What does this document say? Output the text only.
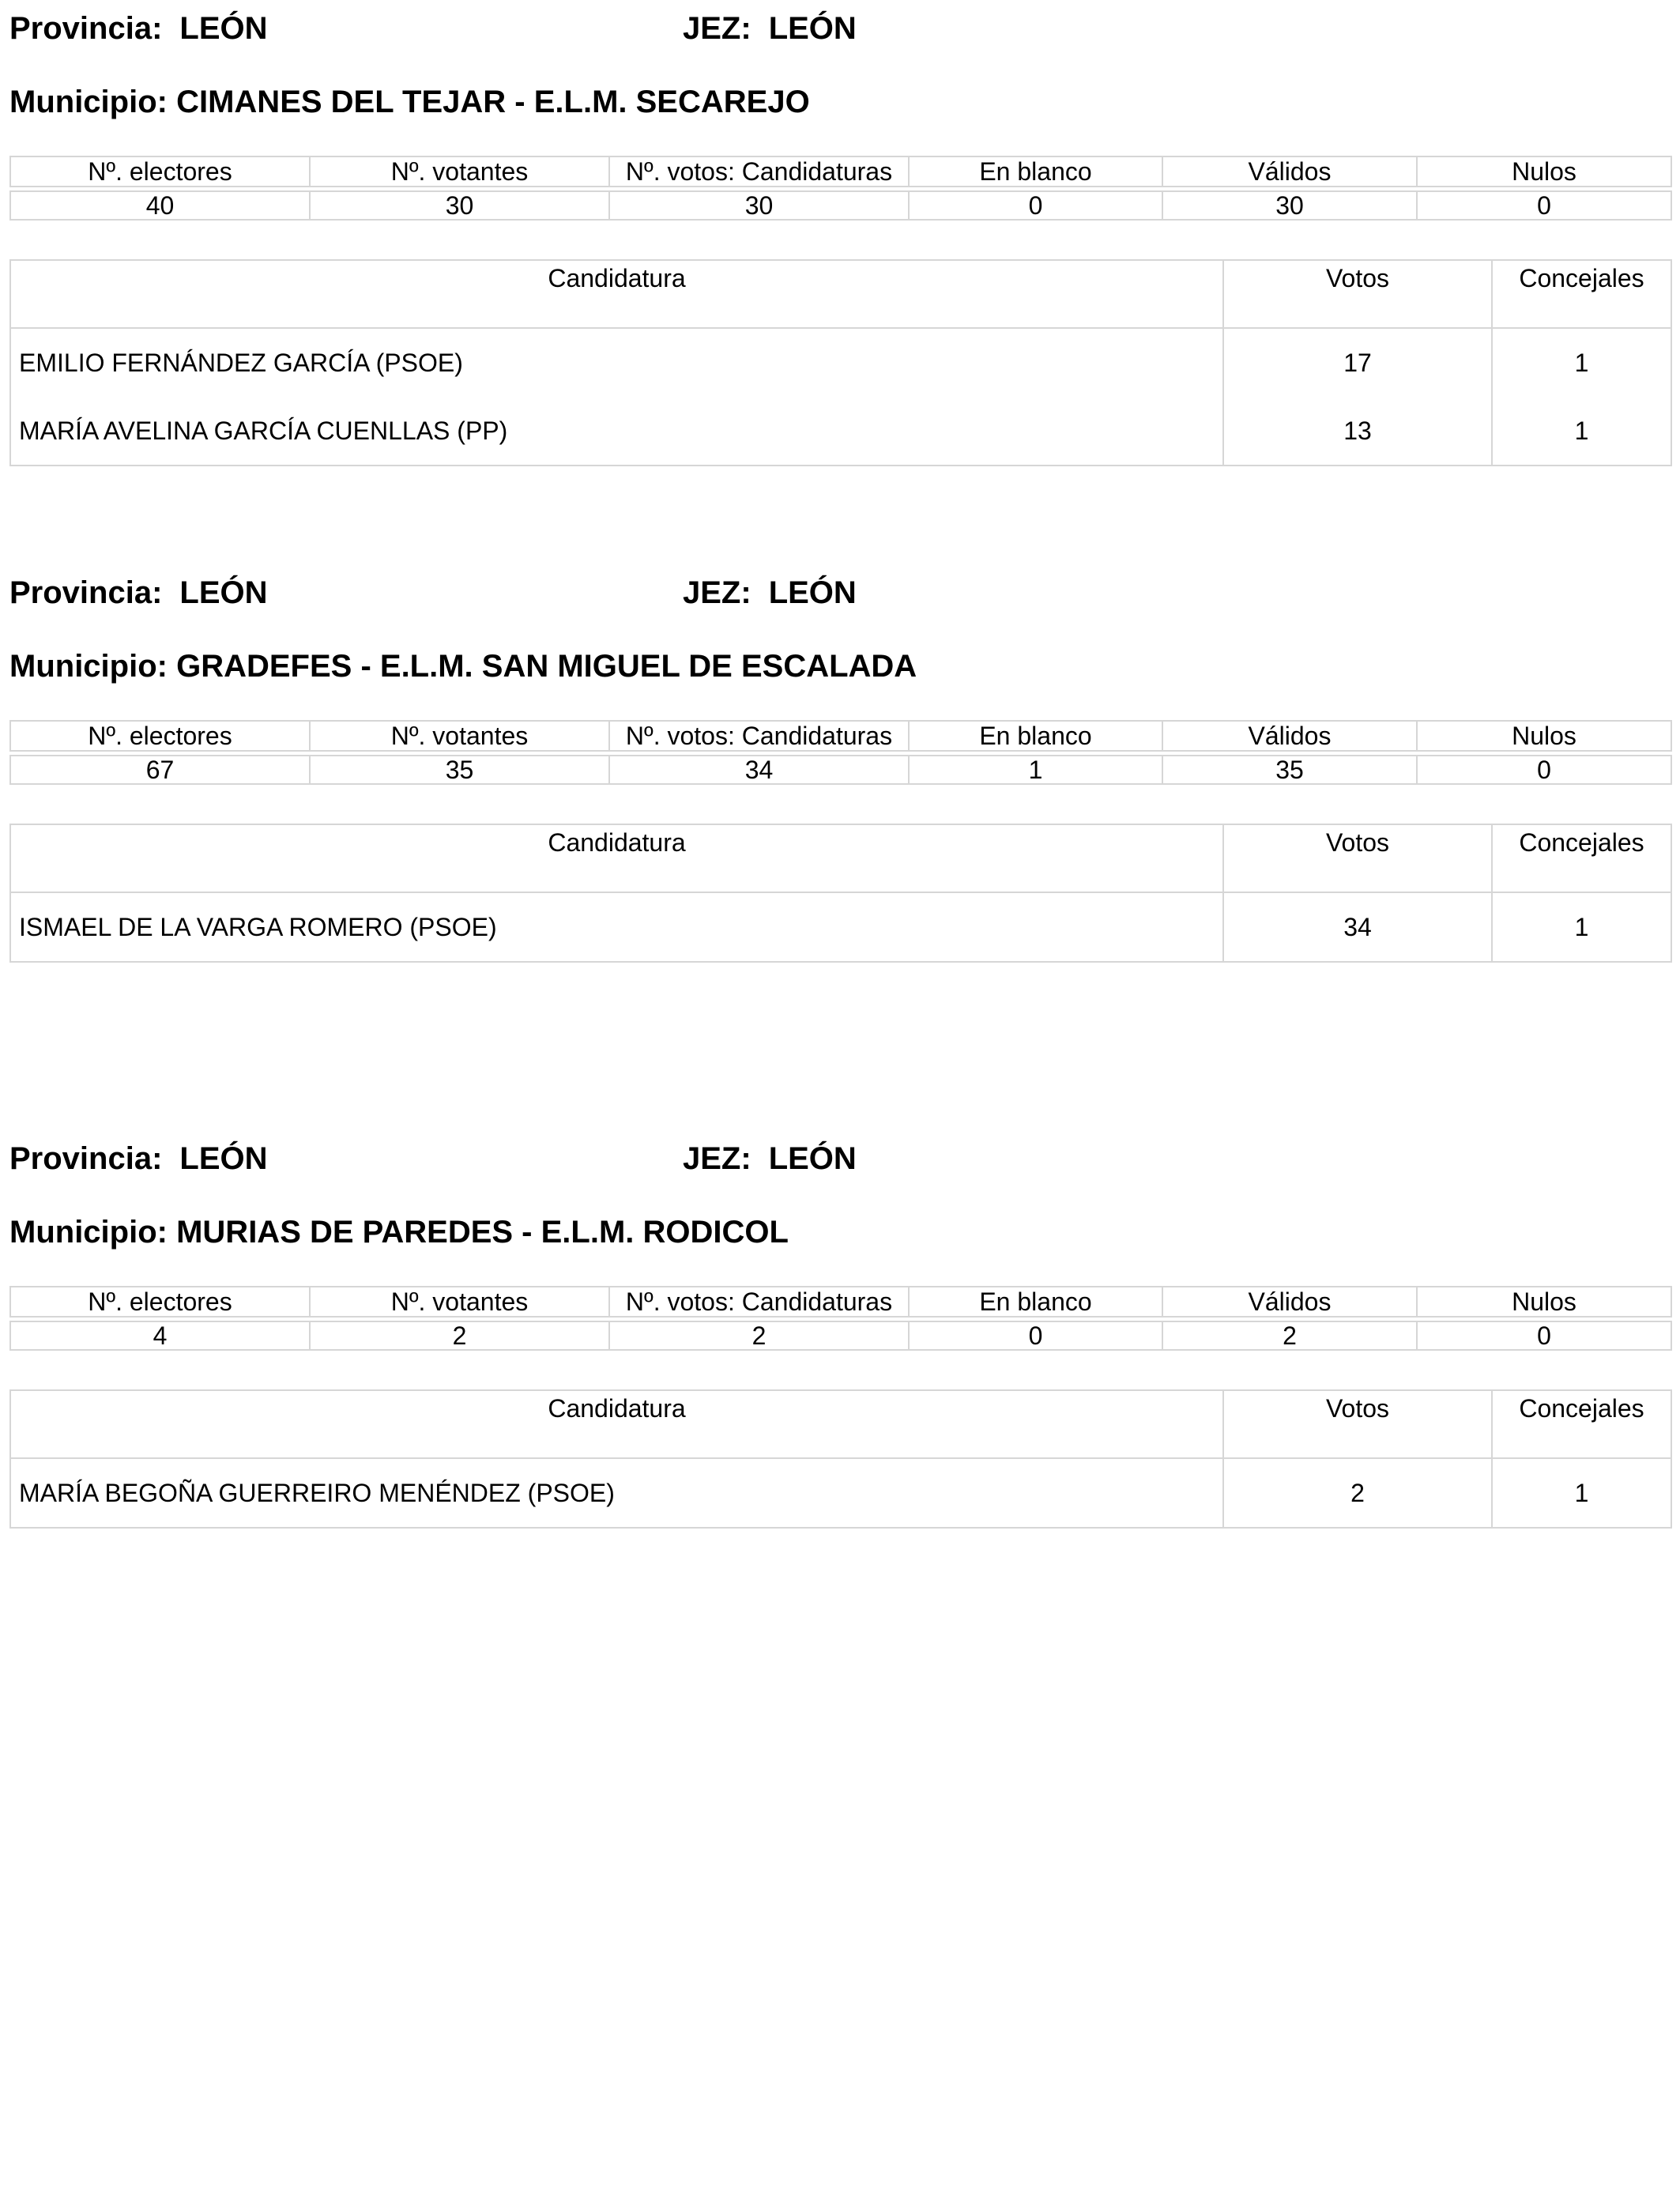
Provincia: LEÓN	JEZ: LEÓN
Municipio: CIMANES DEL TEJAR - E.L.M. SECAREJO
Nº. electores	Nº. votantes	Nº. votos: Candidaturas	En blanco	Válidos	Nulos

40	30	30	0	30	0
Candidatura	Votos	Concejales
EMILIO FERNÁNDEZ GARCÍA (PSOE)	17	1
MARÍA AVELINA GARCÍA CUENLLAS (PP)	13	1
Provincia: LEÓN	JEZ: LEÓN
Municipio: GRADEFES - E.L.M. SAN MIGUEL DE ESCALADA
Nº. electores	Nº. votantes	Nº. votos: Candidaturas	En blanco	Válidos	Nulos

67	35	34	1	35	0
Candidatura	Votos	Concejales
ISMAEL DE LA VARGA ROMERO (PSOE)	34	1
Provincia: LEÓN	JEZ: LEÓN
Municipio: MURIAS DE PAREDES - E.L.M. RODICOL
Nº. electores	Nº. votantes	Nº. votos: Candidaturas	En blanco	Válidos	Nulos

4	2	2	0	2	0
Candidatura	Votos	Concejales
MARÍA BEGOÑA GUERREIRO MENÉNDEZ (PSOE)	2	1
